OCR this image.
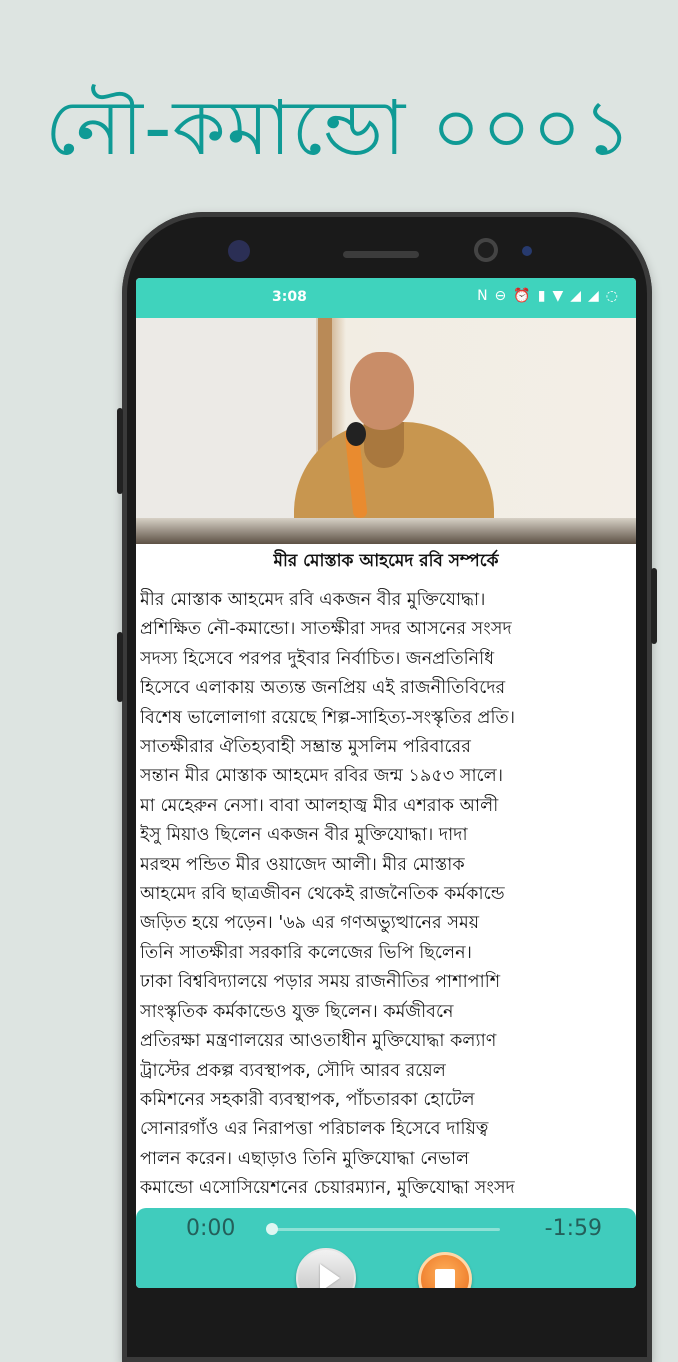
নৌ-কমান্ডো ০০০১
3:08	N ⊖ ⏰ ▮ ▼ ◢ ◢ ◌
মীর মোস্তাক আহমেদ রবি সম্পর্কে
মীর মোস্তাক আহমেদ রবি একজন বীর মুক্তিযোদ্ধা।
প্রশিক্ষিত নৌ-কমান্ডো। সাতক্ষীরা সদর আসনের সংসদ
সদস্য হিসেবে পরপর দুইবার নির্বাচিত। জনপ্রতিনিধি
হিসেবে এলাকায় অত্যন্ত জনপ্রিয় এই রাজনীতিবিদের
বিশেষ ভালোলাগা রয়েছে শিল্প-সাহিত্য-সংস্কৃতির প্রতি।
সাতক্ষীরার ঐতিহ্যবাহী সম্ভ্রান্ত মুসলিম পরিবারের
সন্তান মীর মোস্তাক আহমেদ রবির জন্ম ১৯৫৩ সালে।
মা মেহেরুন নেসা। বাবা আলহাজ্ব মীর এশরাক আলী
ইসু মিয়াও ছিলেন একজন বীর মুক্তিযোদ্ধা। দাদা
মরহুম পন্ডিত মীর ওয়াজেদ আলী। মীর মোস্তাক
আহমেদ রবি ছাত্রজীবন থেকেই রাজনৈতিক কর্মকান্ডে
জড়িত হয়ে পড়েন। '৬৯ এর গণঅভ্যুত্থানের সময়
তিনি সাতক্ষীরা সরকারি কলেজের ভিপি ছিলেন।
ঢাকা বিশ্ববিদ্যালয়ে পড়ার সময় রাজনীতির পাশাপাশি
সাংস্কৃতিক কর্মকান্ডেও যুক্ত ছিলেন। কর্মজীবনে
প্রতিরক্ষা মন্ত্রণালয়ের আওতাধীন মুক্তিযোদ্ধা কল্যাণ
ট্রাস্টের প্রকল্প ব্যবস্থাপক, সৌদি আরব রয়েল
কমিশনের সহকারী ব্যবস্থাপক, পাঁচতারকা হোটেল
সোনারগাঁও এর নিরাপত্তা পরিচালক হিসেবে দায়িত্ব
পালন করেন। এছাড়াও তিনি মুক্তিযোদ্ধা নেভাল
কমান্ডো এসোসিয়েশনের চেয়ারম্যান, মুক্তিযোদ্ধা সংসদ
0:00	-1:59
